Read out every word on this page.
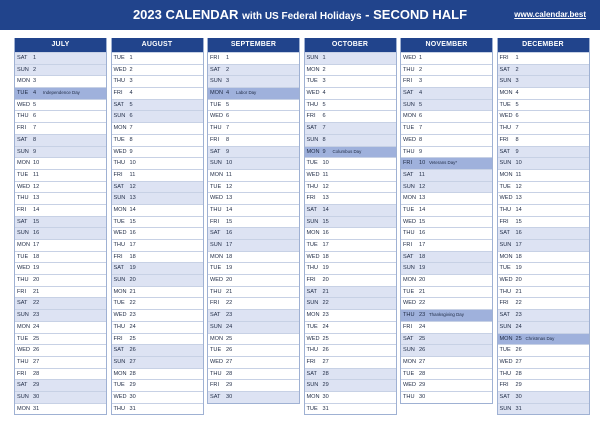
2023 CALENDAR with US Federal Holidays - SECOND HALF	www.calendar.best
JULY
SAT 1
SUN 2
MON 3
TUE 4 Independence Day
WED 5
THU 6
FRI 7
SAT 8
SUN 9
MON 10
TUE 11
WED 12
THU 13
FRI 14
SAT 15
SUN 16
MON 17
TUE 18
WED 19
THU 20
FRI 21
SAT 22
SUN 23
MON 24
TUE 25
WED 26
THU 27
FRI 28
SAT 29
SUN 30
MON 31
AUGUST
TUE 1
WED 2
THU 3
FRI 4
SAT 5
SUN 6
MON 7
TUE 8
WED 9
THU 10
FRI 11
SAT 12
SUN 13
MON 14
TUE 15
WED 16
THU 17
FRI 18
SAT 19
SUN 20
MON 21
TUE 22
WED 23
THU 24
FRI 25
SAT 26
SUN 27
MON 28
TUE 29
WED 30
THU 31
SEPTEMBER
FRI 1
SAT 2
SUN 3
MON 4 Labor Day
TUE 5
WED 6
THU 7
FRI 8
SAT 9
SUN 10
MON 11
TUE 12
WED 13
THU 14
FRI 15
SAT 16
SUN 17
MON 18
TUE 19
WED 20
THU 21
FRI 22
SAT 23
SUN 24
MON 25
TUE 26
WED 27
THU 28
FRI 29
SAT 30
OCTOBER
SUN 1
MON 2
TUE 3
WED 4
THU 5
FRI 6
SAT 7
SUN 8
MON 9 Columbus Day
TUE 10
WED 11
THU 12
FRI 13
SAT 14
SUN 15
MON 16
TUE 17
WED 18
THU 19
FRI 20
SAT 21
SUN 22
MON 23
TUE 24
WED 25
THU 26
FRI 27
SAT 28
SUN 29
MON 30
TUE 31
NOVEMBER
WED 1
THU 2
FRI 3
SAT 4
SUN 5
MON 6
TUE 7
WED 8
THU 9
FRI 10 Veterans Day*
SAT 11
SUN 12
MON 13
TUE 14
WED 15
THU 16
FRI 17
SAT 18
SUN 19
MON 20
TUE 21
WED 22
THU 23 Thanksgiving Day
FRI 24
SAT 25
SUN 26
MON 27
TUE 28
WED 29
THU 30
DECEMBER
FRI 1
SAT 2
SUN 3
MON 4
TUE 5
WED 6
THU 7
FRI 8
SAT 9
SUN 10
MON 11
TUE 12
WED 13
THU 14
FRI 15
SAT 16
SUN 17
MON 18
TUE 19
WED 20
THU 21
FRI 22
SAT 23
SUN 24
MON 25 Christmas Day
TUE 26
WED 27
THU 28
FRI 29
SAT 30
SUN 31
